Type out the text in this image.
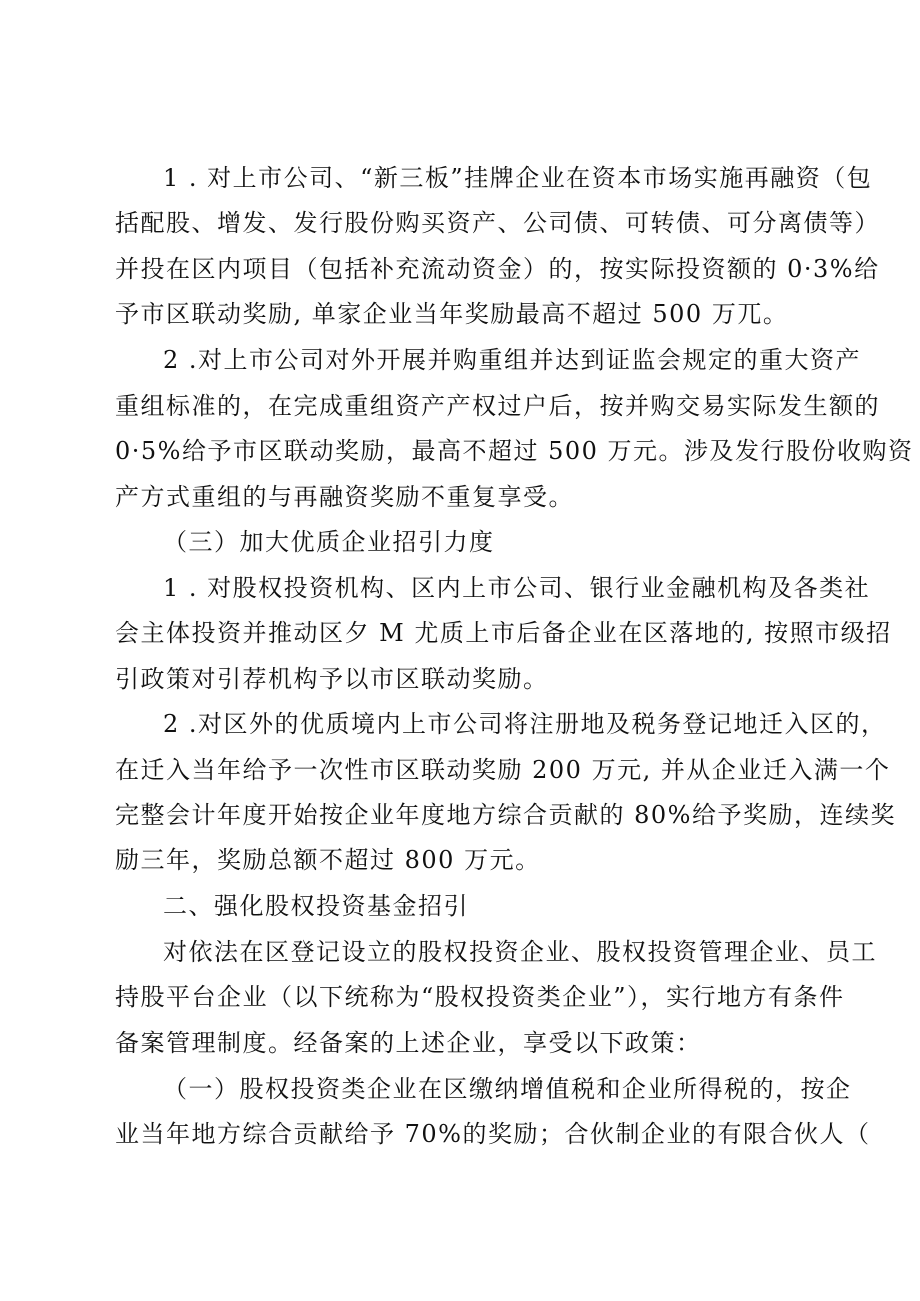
1 . 对上市公司、“新三板”挂牌企业在资本市场实施再融资（包
括配股、增发、发行股份购买资产、公司债、可转债、可分离债等）
并投在区内项目（包括补充流动资金）的，按实际投资额的 0·3%给
予市区联动奖励, 单家企业当年奖励最高不超过 500 万兀。
2 .对上市公司对外开展并购重组并达到证监会规定的重大资产
重组标准的，在完成重组资产产权过户后，按并购交易实际发生额的
0·5%给予市区联动奖励，最高不超过 500 万元。涉及发行股份收购资
产方式重组的与再融资奖励不重复享受。
（三）加大优质企业招引力度
1 . 对股权投资机构、区内上市公司、银行业金融机构及各类社
会主体投资并推动区夕 M 尤质上市后备企业在区落地的, 按照市级招
引政策对引荐机构予以市区联动奖励。
2 .对区外的优质境内上市公司将注册地及税务登记地迁入区的，
在迁入当年给予一次性市区联动奖励 200 万元, 并从企业迁入满一个
完整会计年度开始按企业年度地方综合贡献的 80%给予奖励，连续奖
励三年，奖励总额不超过 800 万元。
二、强化股权投资基金招引
对依法在区登记设立的股权投资企业、股权投资管理企业、员工
持股平台企业（以下统称为“股权投资类企业”），实行地方有条件
备案管理制度。经备案的上述企业，享受以下政策：
（一）股权投资类企业在区缴纳增值税和企业所得税的，按企
业当年地方综合贡献给予 70%的奖励；合伙制企业的有限合伙人（
